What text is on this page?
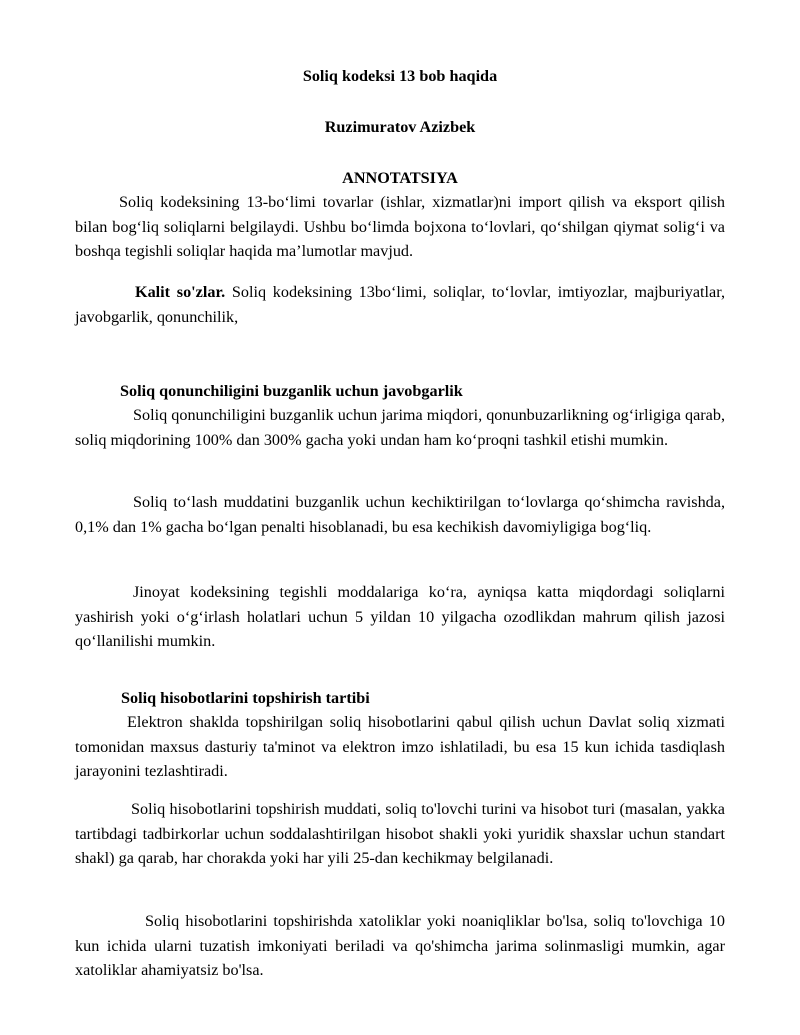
Soliq kodeksi 13 bob haqida

Ruzimuratov Azizbek

ANNOTATSIYA

Soliq kodeksining 13-bo‘limi tovarlar (ishlar, xizmatlar)ni import qilish va eksport qilish bilan bog‘liq soliqlarni belgilaydi. Ushbu bo‘limda bojxona to‘lovlari, qo‘shilgan qiymat solig‘i va boshqa tegishli soliqlar haqida ma’lumotlar mavjud.

Kalit so'zlar. Soliq kodeksining 13bo‘limi, soliqlar, to‘lovlar, imtiyozlar, majburiyatlar, javobgarlik, qonunchilik,

Soliq qonunchiligini buzganlik uchun javobgarlik

Soliq qonunchiligini buzganlik uchun jarima miqdori, qonunbuzarlikning og‘irligiga qarab, soliq miqdorining 100% dan 300% gacha yoki undan ham ko‘proqni tashkil etishi mumkin.

Soliq to‘lash muddatini buzganlik uchun kechiktirilgan to‘lovlarga qo‘shimcha ravishda, 0,1% dan 1% gacha bo‘lgan penalti hisoblanadi, bu esa kechikish davomiyligiga bog‘liq.

Jinoyat kodeksining tegishli moddalariga ko‘ra, ayniqsa katta miqdordagi soliqlarni yashirish yoki o‘g‘irlash holatlari uchun 5 yildan 10 yilgacha ozodlikdan mahrum qilish jazosi qo‘llanilishi mumkin.

Soliq hisobotlarini topshirish tartibi

Elektron shaklda topshirilgan soliq hisobotlarini qabul qilish uchun Davlat soliq xizmati tomonidan maxsus dasturiy ta'minot va elektron imzo ishlatiladi, bu esa 15 kun ichida tasdiqlash jarayonini tezlashtiradi.

Soliq hisobotlarini topshirish muddati, soliq to'lovchi turini va hisobot turi (masalan, yakka tartibdagi tadbirkorlar uchun soddalashtirilgan hisobot shakli yoki yuridik shaxslar uchun standart shakl) ga qarab, har chorakda yoki har yili 25-dan kechikmay belgilanadi.

Soliq hisobotlarini topshirishda xatoliklar yoki noaniqliklar bo'lsa, soliq to'lovchiga 10 kun ichida ularni tuzatish imkoniyati beriladi va qo'shimcha jarima solinmasligi mumkin, agar xatoliklar ahamiyatsiz bo'lsa.
